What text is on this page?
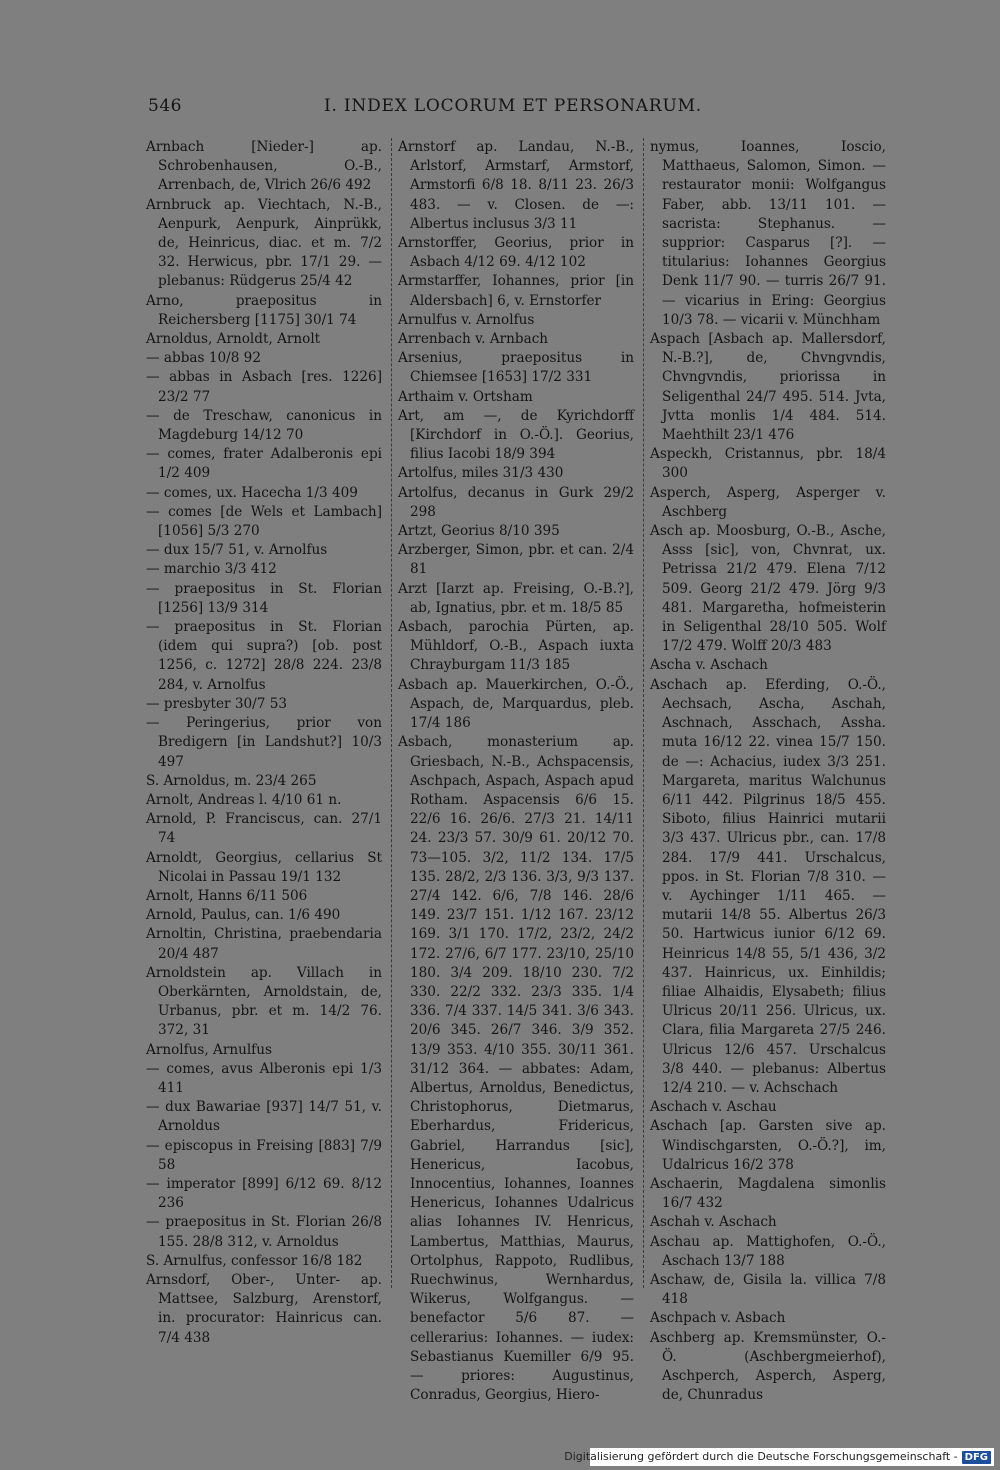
546	I. INDEX LOCORUM ET PERSONARUM.

Arnbach [Nieder-] ap. Schrobenhausen, O.-B., Arrenbach, de, Vlrich 26/6 492

Arnbruck ap. Viechtach, N.-B., Aenpurk, Aenpurk, Ainprükk, de, Heinricus, diac. et m. 7/2 32. Herwicus, pbr. 17/1 29. — plebanus: Rüdgerus 25/4 42

Arno, praepositus in Reichersberg [1175] 30/1 74

Arnoldus, Arnoldt, Arnolt

— abbas 10/8 92

— abbas in Asbach [res. 1226] 23/2 77

— de Treschaw, canonicus in Magdeburg 14/12 70

— comes, frater Adalberonis epi 1/2 409

— comes, ux. Hacecha 1/3 409

— comes [de Wels et Lambach] [1056] 5/3 270

— dux 15/7 51, v. Arnolfus

— marchio 3/3 412

— praepositus in St. Florian [1256] 13/9 314

— praepositus in St. Florian (idem qui supra?) [ob. post 1256, c. 1272] 28/8 224. 23/8 284, v. Arnolfus

— presbyter 30/7 53

— Peringerius, prior von Bredigern [in Landshut?] 10/3 497

S. Arnoldus, m. 23/4 265

Arnolt, Andreas l. 4/10 61 n.

Arnold, P. Franciscus, can. 27/1 74

Arnoldt, Georgius, cellarius St Nicolai in Passau 19/1 132

Arnolt, Hanns 6/11 506

Arnold, Paulus, can. 1/6 490

Arnoltin, Christina, praebendaria 20/4 487

Arnoldstein ap. Villach in Oberkärnten, Arnoldstain, de, Urbanus, pbr. et m. 14/2 76. 372, 31

Arnolfus, Arnulfus

— comes, avus Alberonis epi 1/3 411

— dux Bawariae [937] 14/7 51, v. Arnoldus

— episcopus in Freising [883] 7/9 58

— imperator [899] 6/12 69. 8/12 236

— praepositus in St. Florian 26/8 155. 28/8 312, v. Arnoldus

S. Arnulfus, confessor 16/8 182

Arnsdorf, Ober-, Unter- ap. Mattsee, Salzburg, Arenstorf, in. procurator: Hainricus can. 7/4 438

Arnstorf ap. Landau, N.-B., Arlstorf, Armstarf, Armstorf, Armstorfi 6/8 18. 8/11 23. 26/3 483. — v. Closen. de —: Albertus inclusus 3/3 11

Arnstorffer, Georius, prior in Asbach 4/12 69. 4/12 102

Armstarffer, Iohannes, prior [in Aldersbach] 6, v. Ernstorfer

Arnulfus v. Arnolfus

Arrenbach v. Arnbach

Arsenius, praepositus in Chiemsee [1653] 17/2 331

Arthaim v. Ortsham

Art, am —, de Kyrichdorff [Kirchdorf in O.-Ö.]. Georius, filius Iacobi 18/9 394

Artolfus, miles 31/3 430

Artolfus, decanus in Gurk 29/2 298

Artzt, Georius 8/10 395

Arzberger, Simon, pbr. et can. 2/4 81

Arzt [Iarzt ap. Freising, O.-B.?], ab, Ignatius, pbr. et m. 18/5 85

Asbach, parochia Pürten, ap. Mühldorf, O.-B., Aspach iuxta Chrayburgam 11/3 185

Asbach ap. Mauerkirchen, O.-Ö., Aspach, de, Marquardus, pleb. 17/4 186

Asbach, monasterium ap. Griesbach, N.-B., Achspacensis, Aschpach, Aspach, Aspach apud Rotham. Aspacensis 6/6 15. 22/6 16. 26/6. 27/3 21. 14/11 24. 23/3 57. 30/9 61. 20/12 70. 73—105. 3/2, 11/2 134. 17/5 135. 28/2, 2/3 136. 3/3, 9/3 137. 27/4 142. 6/6, 7/8 146. 28/6 149. 23/7 151. 1/12 167. 23/12 169. 3/1 170. 17/2, 23/2, 24/2 172. 27/6, 6/7 177. 23/10, 25/10 180. 3/4 209. 18/10 230. 7/2 330. 22/2 332. 23/3 335. 1/4 336. 7/4 337. 14/5 341. 3/6 343. 20/6 345. 26/7 346. 3/9 352. 13/9 353. 4/10 355. 30/11 361. 31/12 364. — abbates: Adam, Albertus, Arnoldus, Benedictus, Christophorus, Dietmarus, Eberhardus, Fridericus, Gabriel, Harrandus [sic], Henericus, Iacobus, Innocentius, Iohannes, Ioannes Henericus, Iohannes Udalricus alias Iohannes IV. Henricus, Lambertus, Matthias, Maurus, Ortolphus, Rappoto, Rudlibus, Ruechwinus, Wernhardus, Wikerus, Wolfgangus. — benefactor 5/6 87. — cellerarius: Iohannes. — iudex: Sebastianus Kuemiller 6/9 95. — priores: Augustinus, Conradus, Georgius, Hiero-

nymus, Ioannes, Ioscio, Matthaeus, Salomon, Simon. — restaurator monii: Wolfgangus Faber, abb. 13/11 101. — sacrista: Stephanus. — supprior: Casparus [?]. — titularius: Iohannes Georgius Denk 11/7 90. — turris 26/7 91. — vicarius in Ering: Georgius 10/3 78. — vicarii v. Münchham

Aspach [Asbach ap. Mallersdorf, N.-B.?], de, Chvngvndis, Chvngvndis, priorissa in Seligenthal 24/7 495. 514. Jvta, Jvtta monlis 1/4 484. 514. Maehthilt 23/1 476

Aspeckh, Cristannus, pbr. 18/4 300

Asperch, Asperg, Asperger v. Aschberg

Asch ap. Moosburg, O.-B., Asche, Asss [sic], von, Chvnrat, ux. Petrissa 21/2 479. Elena 7/12 509. Georg 21/2 479. Jörg 9/3 481. Margaretha, hofmeisterin in Seligenthal 28/10 505. Wolf 17/2 479. Wolff 20/3 483

Ascha v. Aschach

Aschach ap. Eferding, O.-Ö., Aechsach, Ascha, Aschah, Aschnach, Asschach, Assha. muta 16/12 22. vinea 15/7 150. de —: Achacius, iudex 3/3 251. Margareta, maritus Walchunus 6/11 442. Pilgrinus 18/5 455. Siboto, filius Hainrici mutarii 3/3 437. Ulricus pbr., can. 17/8 284. 17/9 441. Urschalcus, ppos. in St. Florian 7/8 310. — v. Aychinger 1/11 465. — mutarii 14/8 55. Albertus 26/3 50. Hartwicus iunior 6/12 69. Heinricus 14/8 55, 5/1 436, 3/2 437. Hainricus, ux. Einhildis; filiae Alhaidis, Elysabeth; filius Ulricus 20/11 256. Ulricus, ux. Clara, filia Margareta 27/5 246. Ulricus 12/6 457. Urschalcus 3/8 440. — plebanus: Albertus 12/4 210. — v. Achschach

Aschach v. Aschau

Aschach [ap. Garsten sive ap. Windischgarsten, O.-Ö.?], im, Udalricus 16/2 378

Aschaerin, Magdalena simonlis 16/7 432

Aschah v. Aschach

Aschau ap. Mattighofen, O.-Ö., Aschach 13/7 188

Aschaw, de, Gisila la. villica 7/8 418

Aschpach v. Asbach

Aschberg ap. Kremsmünster, O.-Ö. (Aschbergmeierhof), Aschperch, Asperch, Asperg, de, Chunradus

Digitalisierung gefördert durch die Deutsche Forschungsgemeinschaft - DFG
